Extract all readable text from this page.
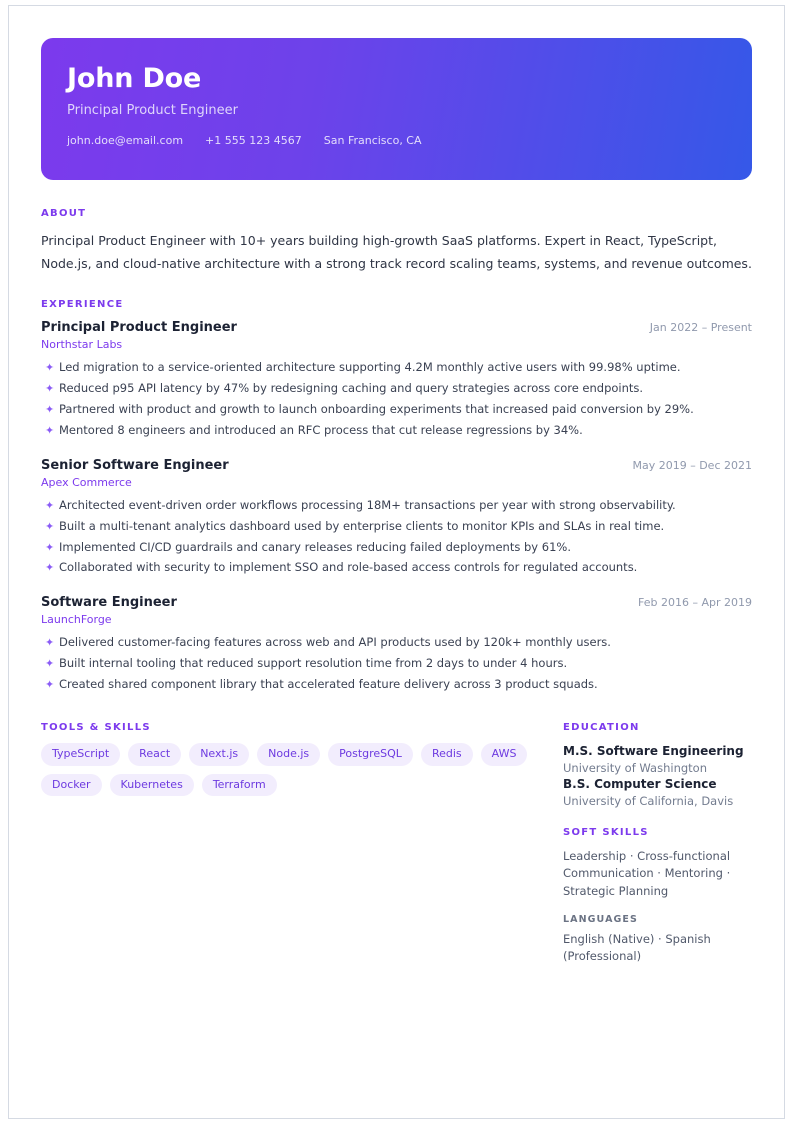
John Doe
Principal Product Engineer
john.doe@email.com +1 555 123 4567 San Francisco, CA
ABOUT

Principal Product Engineer with 10+ years building high-growth SaaS platforms. Expert in React, TypeScript, Node.js, and cloud-native architecture with a strong track record scaling teams, systems, and revenue outcomes.

EXPERIENCE
Principal Product Engineer	Jan 2022 – Present
Northstar Labs
✦ Led migration to a service-oriented architecture supporting 4.2M monthly active users with 99.98% uptime.
✦ Reduced p95 API latency by 47% by redesigning caching and query strategies across core endpoints.
✦ Partnered with product and growth to launch onboarding experiments that increased paid conversion by 29%.
✦ Mentored 8 engineers and introduced an RFC process that cut release regressions by 34%.
Senior Software Engineer	May 2019 – Dec 2021
Apex Commerce
✦ Architected event-driven order workflows processing 18M+ transactions per year with strong observability.
✦ Built a multi-tenant analytics dashboard used by enterprise clients to monitor KPIs and SLAs in real time.
✦ Implemented CI/CD guardrails and canary releases reducing failed deployments by 61%.
✦ Collaborated with security to implement SSO and role-based access controls for regulated accounts.
Software Engineer	Feb 2016 – Apr 2019
LaunchForge
✦ Delivered customer-facing features across web and API products used by 120k+ monthly users.
✦ Built internal tooling that reduced support resolution time from 2 days to under 4 hours.
✦ Created shared component library that accelerated feature delivery across 3 product squads.
TOOLS & SKILLS
TypeScript	React	Next.js	Node.js	PostgreSQL	Redis	AWS
Docker	Kubernetes	Terraform
EDUCATION
M.S. Software Engineering
University of Washington
B.S. Computer Science
University of California, Davis
SOFT SKILLS
Leadership · Cross-functional Communication · Mentoring · Strategic Planning
LANGUAGES
English (Native) · Spanish (Professional)
